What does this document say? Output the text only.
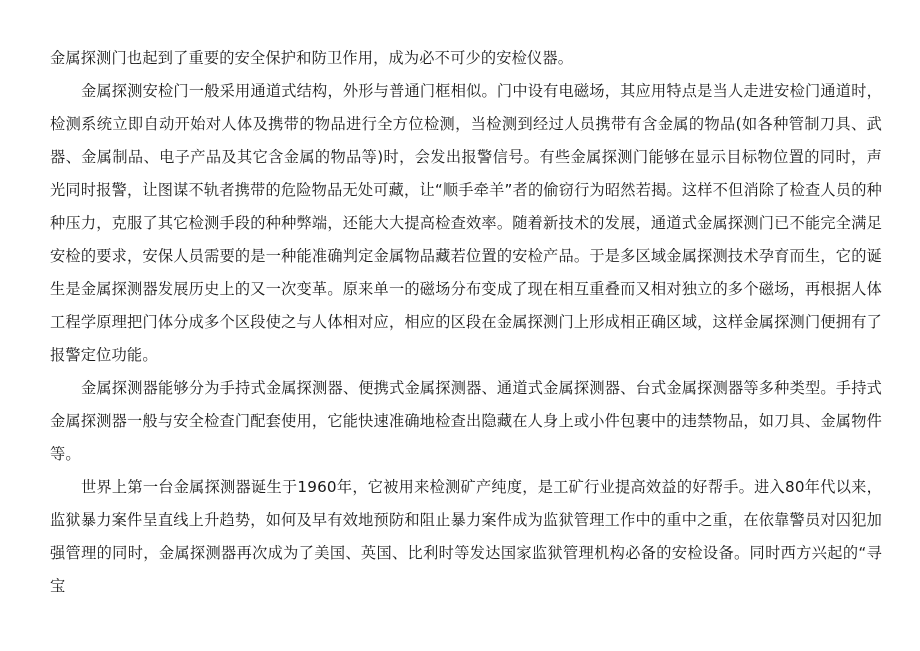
金属探测门也起到了重要的安全保护和防卫作用，成为必不可少的安检仪器。

金属探测安检门一般采用通道式结构，外形与普通门框相似。门中设有电磁场，其应用特点是当人走进安检门通道时，检测系统立即自动开始对人体及携带的物品进行全方位检测，当检测到经过人员携带有含金属的物品(如各种管制刀具、武器、金属制品、电子产品及其它含金属的物品等)时，会发出报警信号。有些金属探测门能够在显示目标物位置的同时，声光同时报警，让图谋不轨者携带的危险物品无处可藏，让“顺手牵羊”者的偷窃行为昭然若揭。这样不但消除了检查人员的种种压力，克服了其它检测手段的种种弊端，还能大大提高检查效率。随着新技术的发展，通道式金属探测门已不能完全满足安检的要求，安保人员需要的是一种能准确判定金属物品藏若位置的安检产品。于是多区域金属探测技术孕育而生，它的诞生是金属探测器发展历史上的又一次变革。原来单一的磁场分布变成了现在相互重叠而又相对独立的多个磁场，再根据人体工程学原理把门体分成多个区段使之与人体相对应，相应的区段在金属探测门上形成相正确区域，这样金属探测门便拥有了报警定位功能。

金属探测器能够分为手持式金属探测器、便携式金属探测器、通道式金属探测器、台式金属探测器等多种类型。手持式金属探测器一般与安全检查门配套使用，它能快速准确地检查出隐藏在人身上或小件包裹中的违禁物品，如刀具、金属物件等。

世界上第一台金属探测器诞生于1960年，它被用来检测矿产纯度，是工矿行业提高效益的好帮手。进入80年代以来，监狱暴力案件呈直线上升趋势，如何及早有效地预防和阻止暴力案件成为监狱管理工作中的重中之重，在依靠警员对囚犯加强管理的同时，金属探测器再次成为了美国、英国、比利时等发达国家监狱管理机构必备的安检设备。同时西方兴起的“寻宝
